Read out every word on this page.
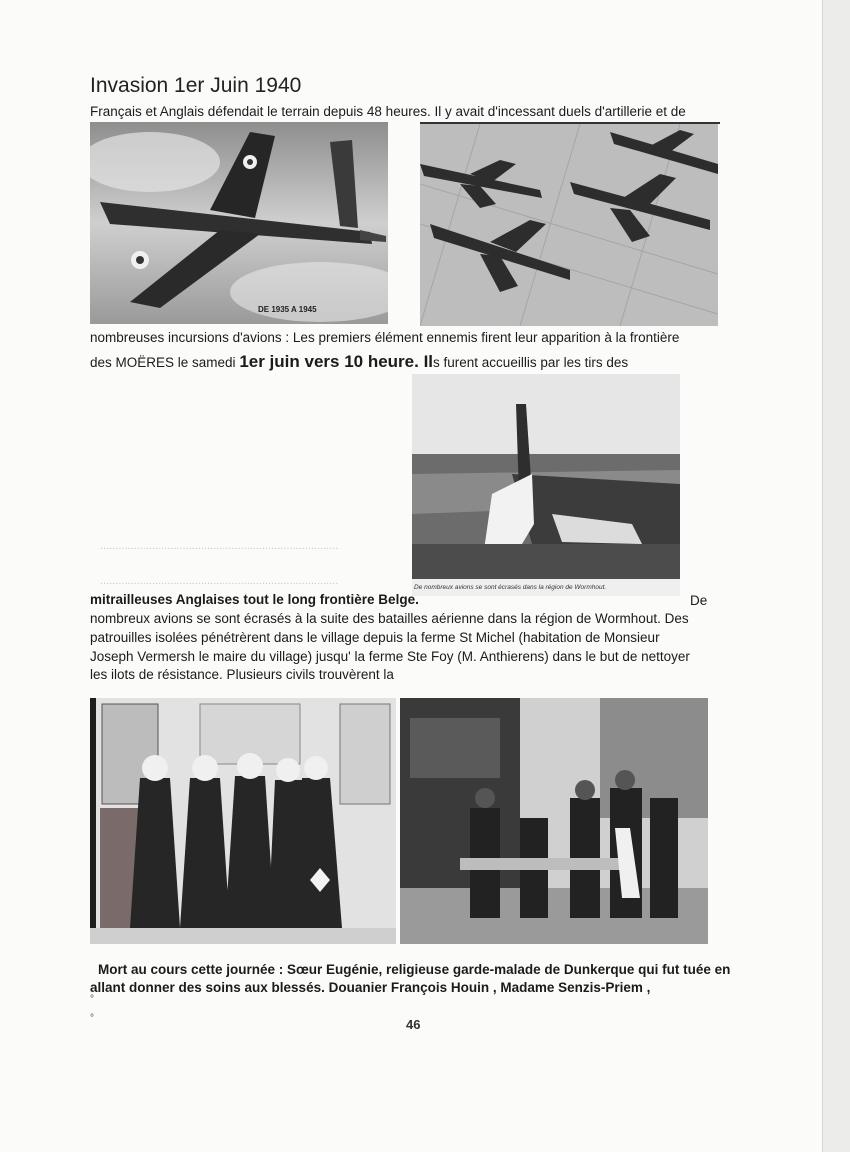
..............................................................................
..............................................................................
Invasion 1er Juin 1940
Français et Anglais défendait le terrain depuis 48 heures. Il y avait d'incessant duels d'artillerie et de
DE 1935 A 1945
nombreuses incursions d'avions : Les premiers élément ennemis firent leur apparition à la frontière
des MOËRES le samedi 1er juin vers 10 heure. Ils furent accueillis par les tirs des
De nombreux avions se sont écrasés dans la région de Wormhout.
mitrailleuses Anglaises tout le long frontière Belge.	De
nombreux avions se sont écrasés à la suite des batailles aérienne dans la région de Wormhout. Des
patrouilles isolées pénétrèrent dans le village depuis la ferme St Michel (habitation de Monsieur
Joseph Vermersh le maire du village) jusqu' la ferme Ste Foy (M. Anthierens) dans le but de nettoyer
les ilots de résistance. Plusieurs civils trouvèrent la
Mort au cours cette journée : Sœur Eugénie, religieuse garde-malade de Dunkerque qui fut tuée en
allant donner des soins aux blessés. Douanier François Houin , Madame Senzis-Priem ,
°
°	46
